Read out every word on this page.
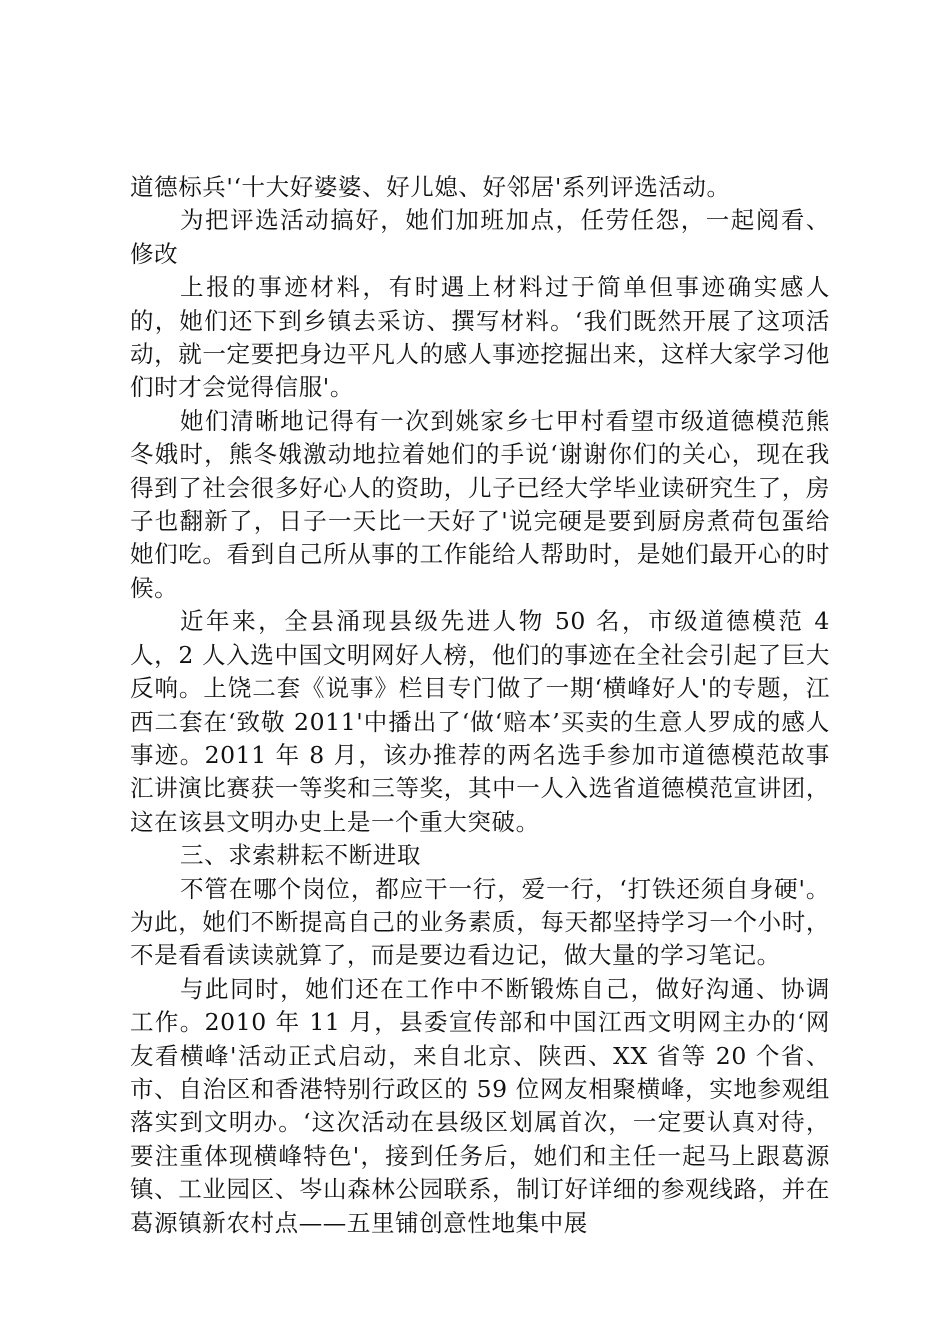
道德标兵'‘十大好婆婆、好儿媳、好邻居'系列评选活动。

为把评选活动搞好，她们加班加点，任劳任怨，一起阅看、修改

上报的事迹材料，有时遇上材料过于简单但事迹确实感人的，她们还下到乡镇去采访、撰写材料。‘我们既然开展了这项活动，就一定要把身边平凡人的感人事迹挖掘出来，这样大家学习他们时才会觉得信服'。

她们清晰地记得有一次到姚家乡七甲村看望市级道德模范熊冬娥时，熊冬娥激动地拉着她们的手说‘谢谢你们的关心，现在我得到了社会很多好心人的资助，儿子已经大学毕业读研究生了，房子也翻新了，日子一天比一天好了'说完硬是要到厨房煮荷包蛋给她们吃。看到自己所从事的工作能给人帮助时，是她们最开心的时候。

近年来，全县涌现县级先进人物 50 名，市级道德模范 4 人，2 人入选中国文明网好人榜，他们的事迹在全社会引起了巨大反响。上饶二套《说事》栏目专门做了一期‘横峰好人'的专题，江西二套在‘致敬 2011'中播出了‘做‘赔本’买卖的生意人罗成的感人事迹。2011 年 8 月，该办推荐的两名选手参加市道德模范故事汇讲演比赛获一等奖和三等奖，其中一人入选省道德模范宣讲团，这在该县文明办史上是一个重大突破。

三、求索耕耘不断进取

不管在哪个岗位，都应干一行，爱一行，‘打铁还须自身硬'。为此，她们不断提高自己的业务素质，每天都坚持学习一个小时，不是看看读读就算了，而是要边看边记，做大量的学习笔记。

与此同时，她们还在工作中不断锻炼自己，做好沟通、协调工作。2010 年 11 月，县委宣传部和中国江西文明网主办的‘网友看横峰'活动正式启动，来自北京、陕西、XX 省等 20 个省、市、自治区和香港特别行政区的 59 位网友相聚横峰，实地参观组落实到文明办。‘这次活动在县级区划属首次，一定要认真对待，要注重体现横峰特色'，接到任务后，她们和主任一起马上跟葛源镇、工业园区、岑山森林公园联系，制订好详细的参观线路，并在葛源镇新农村点——五里铺创意性地集中展
